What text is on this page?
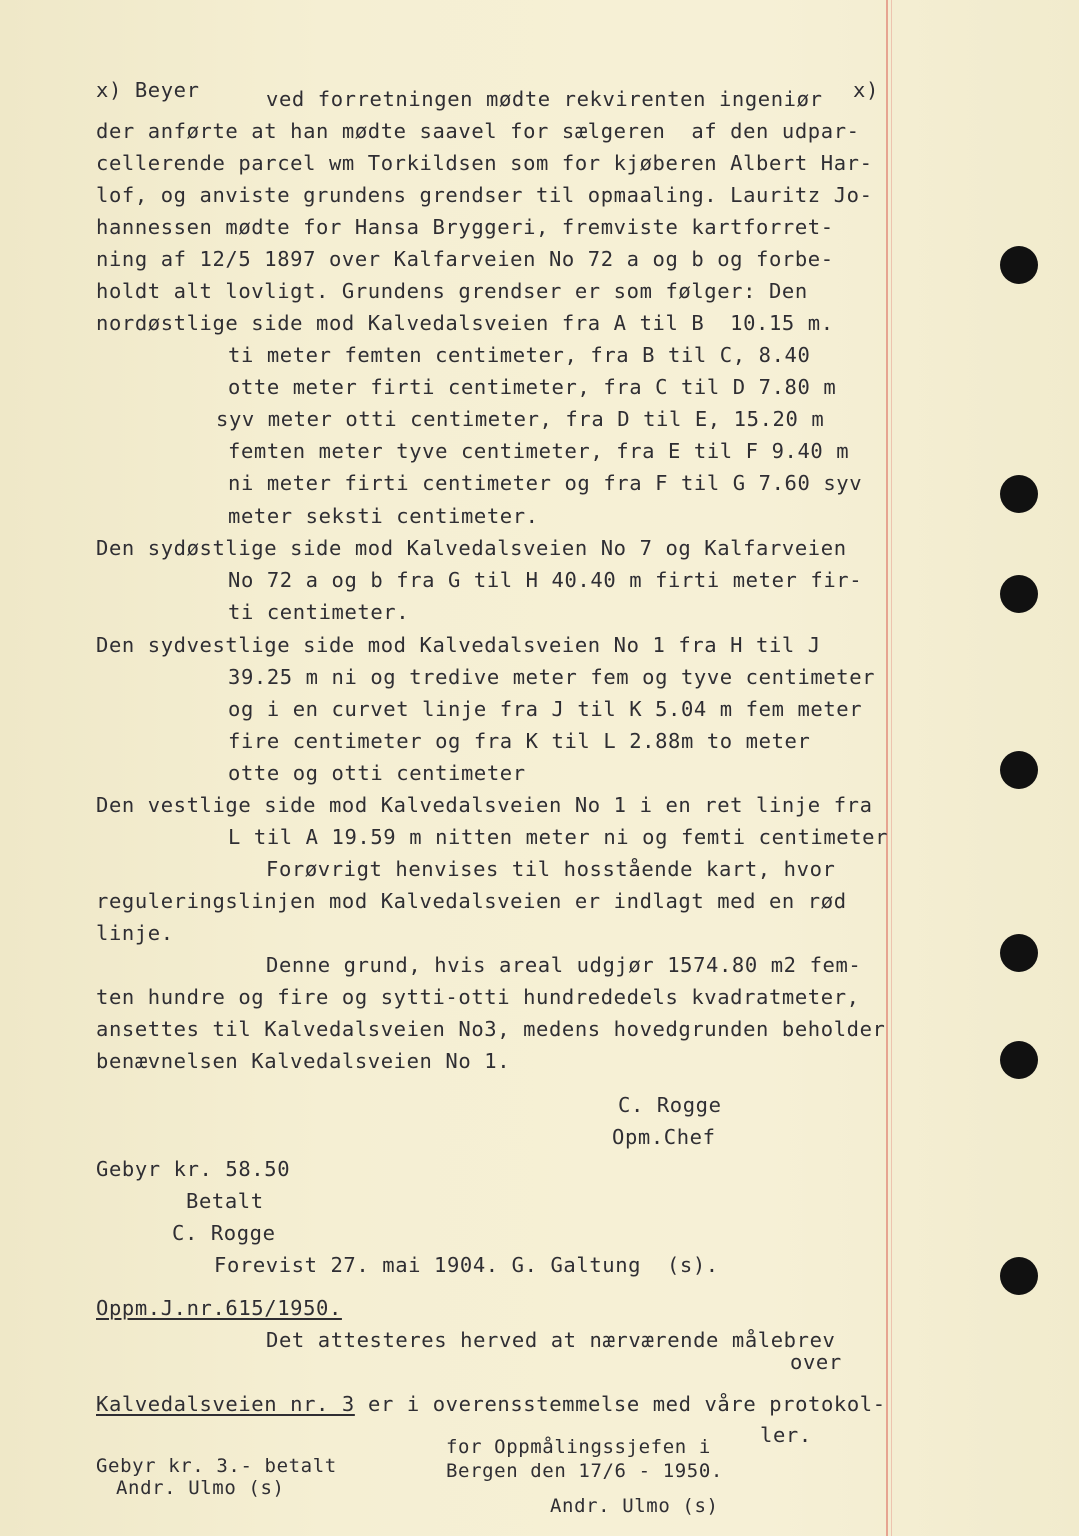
x) Beyer	x)
ved forretningen mødte rekvirenten ingeniør
der anførte at han mødte saavel for sælgeren  af den udpar-
cellerende parcel wm Torkildsen som for kjøberen Albert Har-
lof, og anviste grundens grendser til opmaaling. Lauritz Jo-
hannessen mødte for Hansa Bryggeri, fremviste kartforret-
ning af 12/5 1897 over Kalfarveien No 72 a og b og forbe-
holdt alt lovligt. Grundens grendser er som følger: Den
nordøstlige side mod Kalvedalsveien fra A til B  10.15 m.
ti meter femten centimeter, fra B til C, 8.40
otte meter firti centimeter, fra C til D 7.80 m
syv meter otti centimeter, fra D til E, 15.20 m
femten meter tyve centimeter, fra E til F 9.40 m
ni meter firti centimeter og fra F til G 7.60 syv
meter seksti centimeter.
Den sydøstlige side mod Kalvedalsveien No 7 og Kalfarveien
No 72 a og b fra G til H 40.40 m firti meter fir-
ti centimeter.
Den sydvestlige side mod Kalvedalsveien No 1 fra H til J
39.25 m ni og tredive meter fem og tyve centimeter
og i en curvet linje fra J til K 5.04 m fem meter
fire centimeter og fra K til L 2.88m to meter
otte og otti centimeter
Den vestlige side mod Kalvedalsveien No 1 i en ret linje fra
L til A 19.59 m nitten meter ni og femti centimeter
Forøvrigt henvises til hosstående kart, hvor
reguleringslinjen mod Kalvedalsveien er indlagt med en rød
linje.
Denne grund, hvis areal udgjør 1574.80 m2 fem-
ten hundre og fire og sytti-otti hundrededels kvadratmeter,
ansettes til Kalvedalsveien No3, medens hovedgrunden beholder
benævnelsen Kalvedalsveien No 1.
C. Rogge
Opm.Chef
Gebyr kr. 58.50
Betalt
C. Rogge
Forevist 27. mai 1904. G. Galtung  (s).
Oppm.J.nr.615/1950.
Det attesteres herved at nærværende målebrev
over
Kalvedalsveien nr. 3 er i overensstemmelse med våre protokol-
ler.
for Oppmålingssjefen i
Bergen den 17/6 - 1950.
Gebyr kr. 3.- betalt
Andr. Ulmo (s)
Andr. Ulmo (s)
